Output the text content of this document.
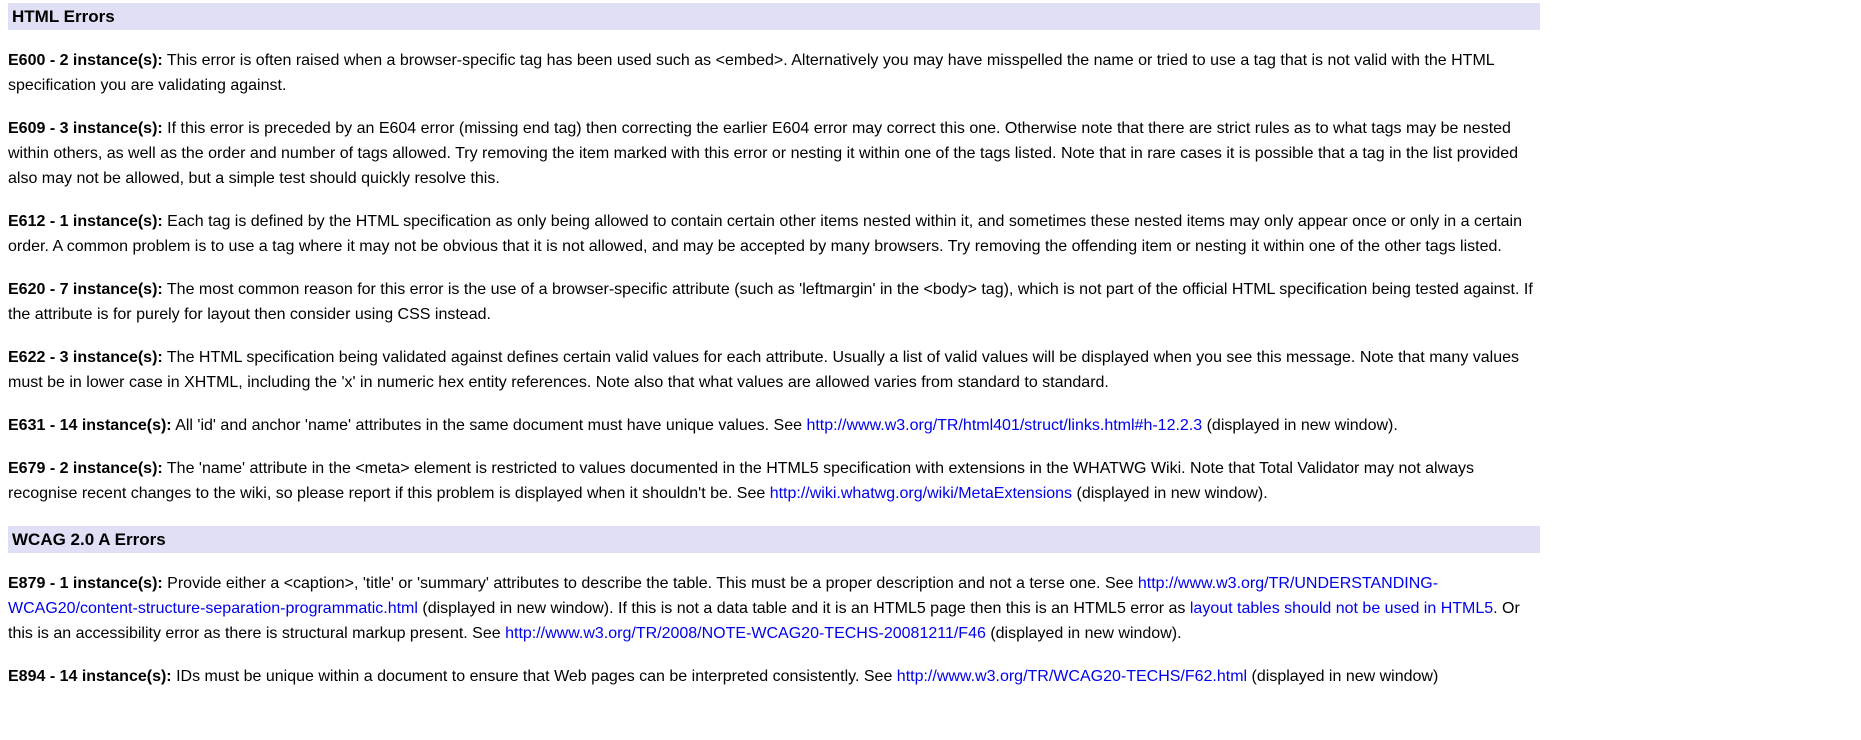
HTML Errors

E600 - 2 instance(s): This error is often raised when a browser-specific tag has been used such as <embed>. Alternatively you may have misspelled the name or tried to use a tag that is not valid with the HTML specification you are validating against.

E609 - 3 instance(s): If this error is preceded by an E604 error (missing end tag) then correcting the earlier E604 error may correct this one. Otherwise note that there are strict rules as to what tags may be nested within others, as well as the order and number of tags allowed. Try removing the item marked with this error or nesting it within one of the tags listed. Note that in rare cases it is possible that a tag in the list provided also may not be allowed, but a simple test should quickly resolve this.

E612 - 1 instance(s): Each tag is defined by the HTML specification as only being allowed to contain certain other items nested within it, and sometimes these nested items may only appear once or only in a certain order. A common problem is to use a tag where it may not be obvious that it is not allowed, and may be accepted by many browsers. Try removing the offending item or nesting it within one of the other tags listed.

E620 - 7 instance(s): The most common reason for this error is the use of a browser-specific attribute (such as 'leftmargin' in the <body> tag), which is not part of the official HTML specification being tested against. If the attribute is for purely for layout then consider using CSS instead.

E622 - 3 instance(s): The HTML specification being validated against defines certain valid values for each attribute. Usually a list of valid values will be displayed when you see this message. Note that many values must be in lower case in XHTML, including the 'x' in numeric hex entity references. Note also that what values are allowed varies from standard to standard.

E631 - 14 instance(s): All 'id' and anchor 'name' attributes in the same document must have unique values. See http://www.w3.org/TR/html401/struct/links.html#h-12.2.3 (displayed in new window).

E679 - 2 instance(s): The 'name' attribute in the <meta> element is restricted to values documented in the HTML5 specification with extensions in the WHATWG Wiki. Note that Total Validator may not always recognise recent changes to the wiki, so please report if this problem is displayed when it shouldn't be. See http://wiki.whatwg.org/wiki/MetaExtensions (displayed in new window).

WCAG 2.0 A Errors

E879 - 1 instance(s): Provide either a <caption>, 'title' or 'summary' attributes to describe the table. This must be a proper description and not a terse one. See http://www.w3.org/TR/UNDERSTANDING-WCAG20/content-structure-separation-programmatic.html (displayed in new window). If this is not a data table and it is an HTML5 page then this is an HTML5 error as layout tables should not be used in HTML5. Or this is an accessibility error as there is structural markup present. See http://www.w3.org/TR/2008/NOTE-WCAG20-TECHS-20081211/F46 (displayed in new window).

E894 - 14 instance(s): IDs must be unique within a document to ensure that Web pages can be interpreted consistently. See http://www.w3.org/TR/WCAG20-TECHS/F62.html (displayed in new window)
